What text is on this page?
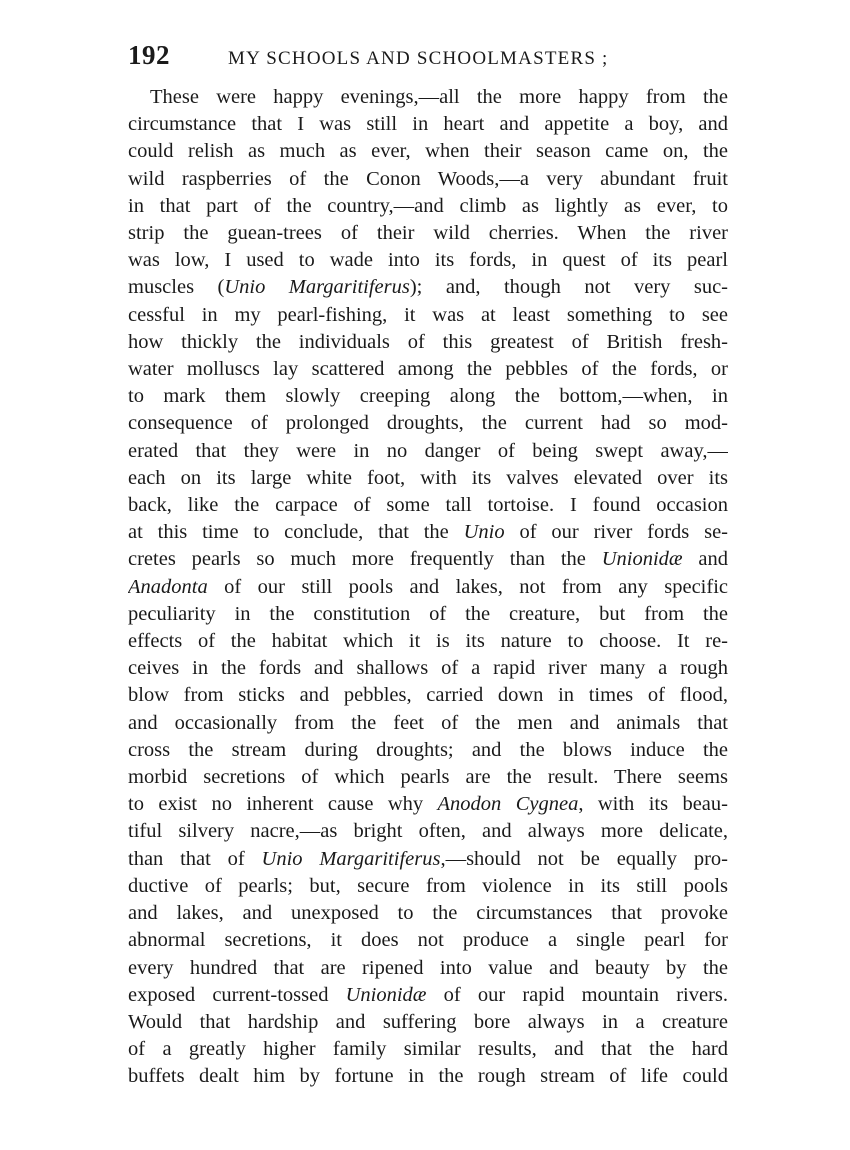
192	MY SCHOOLS AND SCHOOLMASTERS ;
These were happy evenings,—all the more happy from the
circumstance that I was still in heart and appetite a boy, and
could relish as much as ever, when their season came on, the
wild raspberries of the Conon Woods,—a very abundant fruit
in that part of the country,—and climb as lightly as ever, to
strip the guean-trees of their wild cherries. When the river
was low, I used to wade into its fords, in quest of its pearl
muscles (Unio Margaritiferus); and, though not very suc-
cessful in my pearl-fishing, it was at least something to see
how thickly the individuals of this greatest of British fresh-
water molluscs lay scattered among the pebbles of the fords, or
to mark them slowly creeping along the bottom,—when, in
consequence of prolonged droughts, the current had so mod-
erated that they were in no danger of being swept away,—
each on its large white foot, with its valves elevated over its
back, like the carpace of some tall tortoise. I found occasion
at this time to conclude, that the Unio of our river fords se-
cretes pearls so much more frequently than the Unionidæ and
Anadonta of our still pools and lakes, not from any specific
peculiarity in the constitution of the creature, but from the
effects of the habitat which it is its nature to choose. It re-
ceives in the fords and shallows of a rapid river many a rough
blow from sticks and pebbles, carried down in times of flood,
and occasionally from the feet of the men and animals that
cross the stream during droughts; and the blows induce the
morbid secretions of which pearls are the result. There seems
to exist no inherent cause why Anodon Cygnea, with its beau-
tiful silvery nacre,—as bright often, and always more delicate,
than that of Unio Margaritiferus,—should not be equally pro-
ductive of pearls; but, secure from violence in its still pools
and lakes, and unexposed to the circumstances that provoke
abnormal secretions, it does not produce a single pearl for
every hundred that are ripened into value and beauty by the
exposed current-tossed Unionidæ of our rapid mountain rivers.
Would that hardship and suffering bore always in a creature
of a greatly higher family similar results, and that the hard
buffets dealt him by fortune in the rough stream of life could
